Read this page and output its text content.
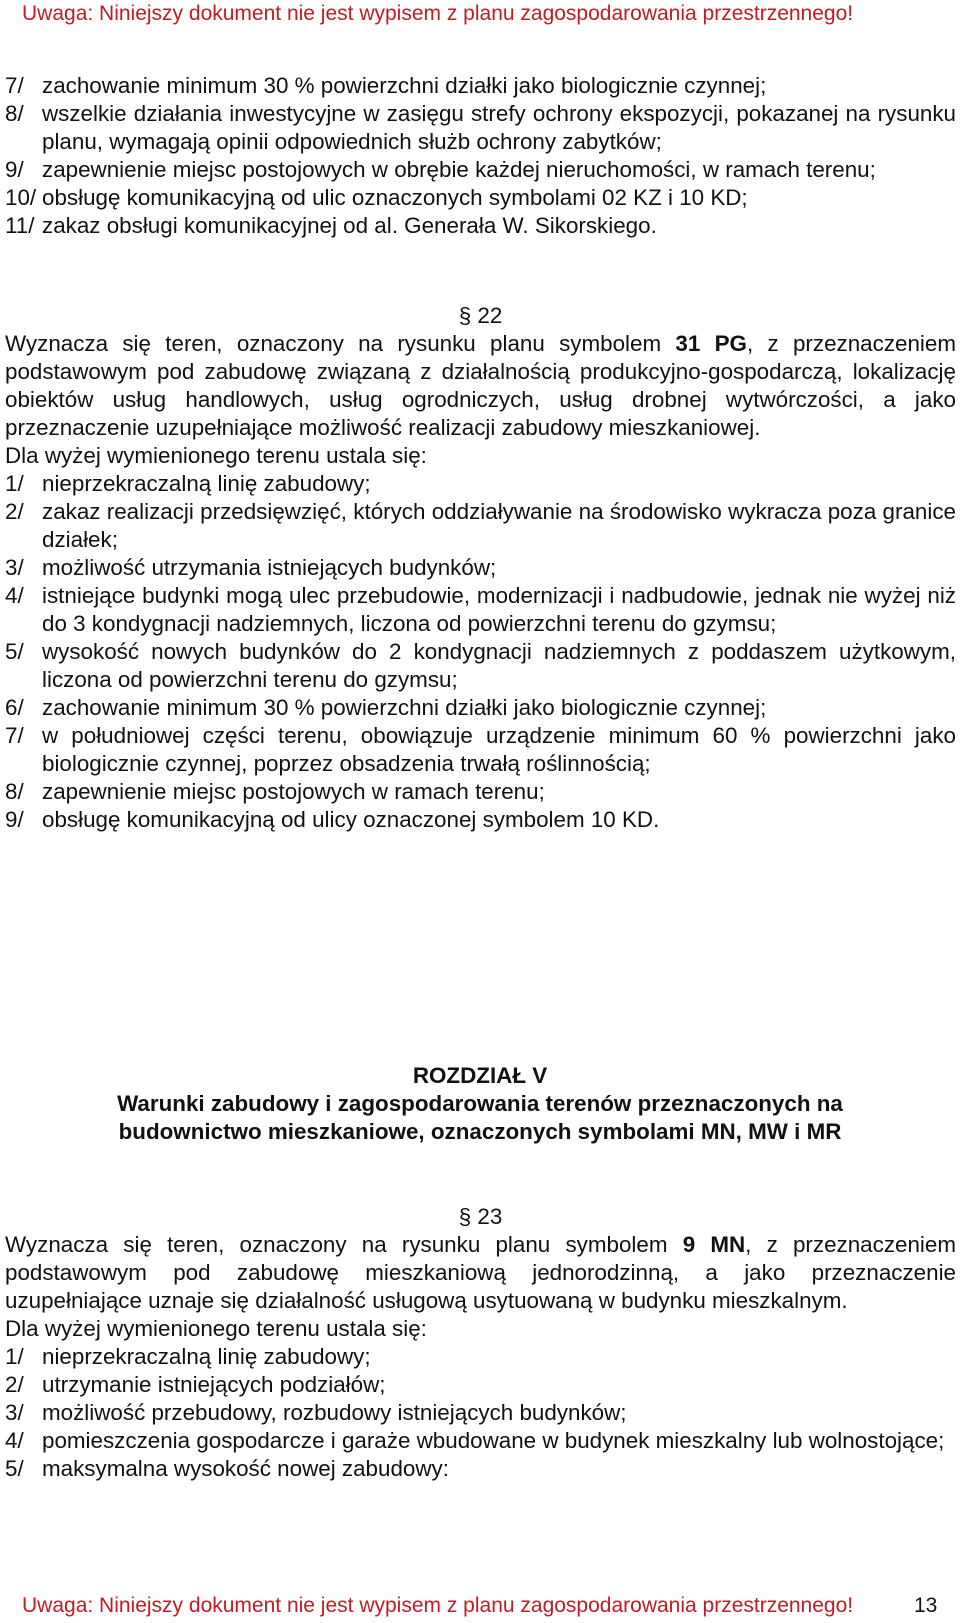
Uwaga: Niniejszy dokument nie jest wypisem z planu zagospodarowania przestrzennego!
7/ zachowanie minimum 30 % powierzchni działki jako biologicznie czynnej;
8/ wszelkie działania inwestycyjne w zasięgu strefy ochrony ekspozycji, pokazanej na rysunku planu, wymagają opinii odpowiednich służb ochrony zabytków;
9/ zapewnienie miejsc postojowych w obrębie każdej nieruchomości, w ramach terenu;
10/ obsługę komunikacyjną od ulic oznaczonych symbolami 02 KZ i 10 KD;
11/ zakaz obsługi komunikacyjnej od al. Generała W. Sikorskiego.
§ 22
Wyznacza się teren, oznaczony na rysunku planu symbolem 31 PG, z przeznaczeniem podstawowym pod zabudowę związaną z działalnością produkcyjno-gospodarczą, lokalizację obiektów usług handlowych, usług ogrodniczych, usług drobnej wytwórczości, a jako przeznaczenie uzupełniające możliwość realizacji zabudowy mieszkaniowej.
Dla wyżej wymienionego terenu ustala się:
1/ nieprzekraczalną linię zabudowy;
2/ zakaz realizacji przedsięwzięć, których oddziaływanie na środowisko wykracza poza granice działek;
3/ możliwość utrzymania istniejących budynków;
4/ istniejące budynki mogą ulec przebudowie, modernizacji i nadbudowie, jednak nie wyżej niż do 3 kondygnacji nadziemnych, liczona od powierzchni terenu do gzymsu;
5/ wysokość nowych budynków do 2 kondygnacji nadziemnych z poddaszem użytkowym, liczona od powierzchni terenu do gzymsu;
6/ zachowanie minimum 30 % powierzchni działki jako biologicznie czynnej;
7/ w południowej części terenu, obowiązuje urządzenie minimum 60 % powierzchni jako biologicznie czynnej, poprzez obsadzenia trwałą roślinnością;
8/ zapewnienie miejsc postojowych w ramach terenu;
9/ obsługę komunikacyjną od ulicy oznaczonej symbolem 10 KD.
ROZDZIAŁ V
Warunki zabudowy i zagospodarowania terenów przeznaczonych na
budownictwo mieszkaniowe, oznaczonych symbolami MN, MW i MR
§ 23
Wyznacza się teren, oznaczony na rysunku planu symbolem 9 MN, z przeznaczeniem podstawowym pod zabudowę mieszkaniową jednorodzinną, a jako przeznaczenie uzupełniające uznaje się działalność usługową usytuowaną w budynku mieszkalnym.
Dla wyżej wymienionego terenu ustala się:
1/ nieprzekraczalną linię zabudowy;
2/ utrzymanie istniejących podziałów;
3/ możliwość przebudowy, rozbudowy istniejących budynków;
4/ pomieszczenia gospodarcze i garaże wbudowane w budynek mieszkalny lub wolnostojące;
5/ maksymalna wysokość nowej zabudowy:
Uwaga: Niniejszy dokument nie jest wypisem z planu zagospodarowania przestrzennego!	13
